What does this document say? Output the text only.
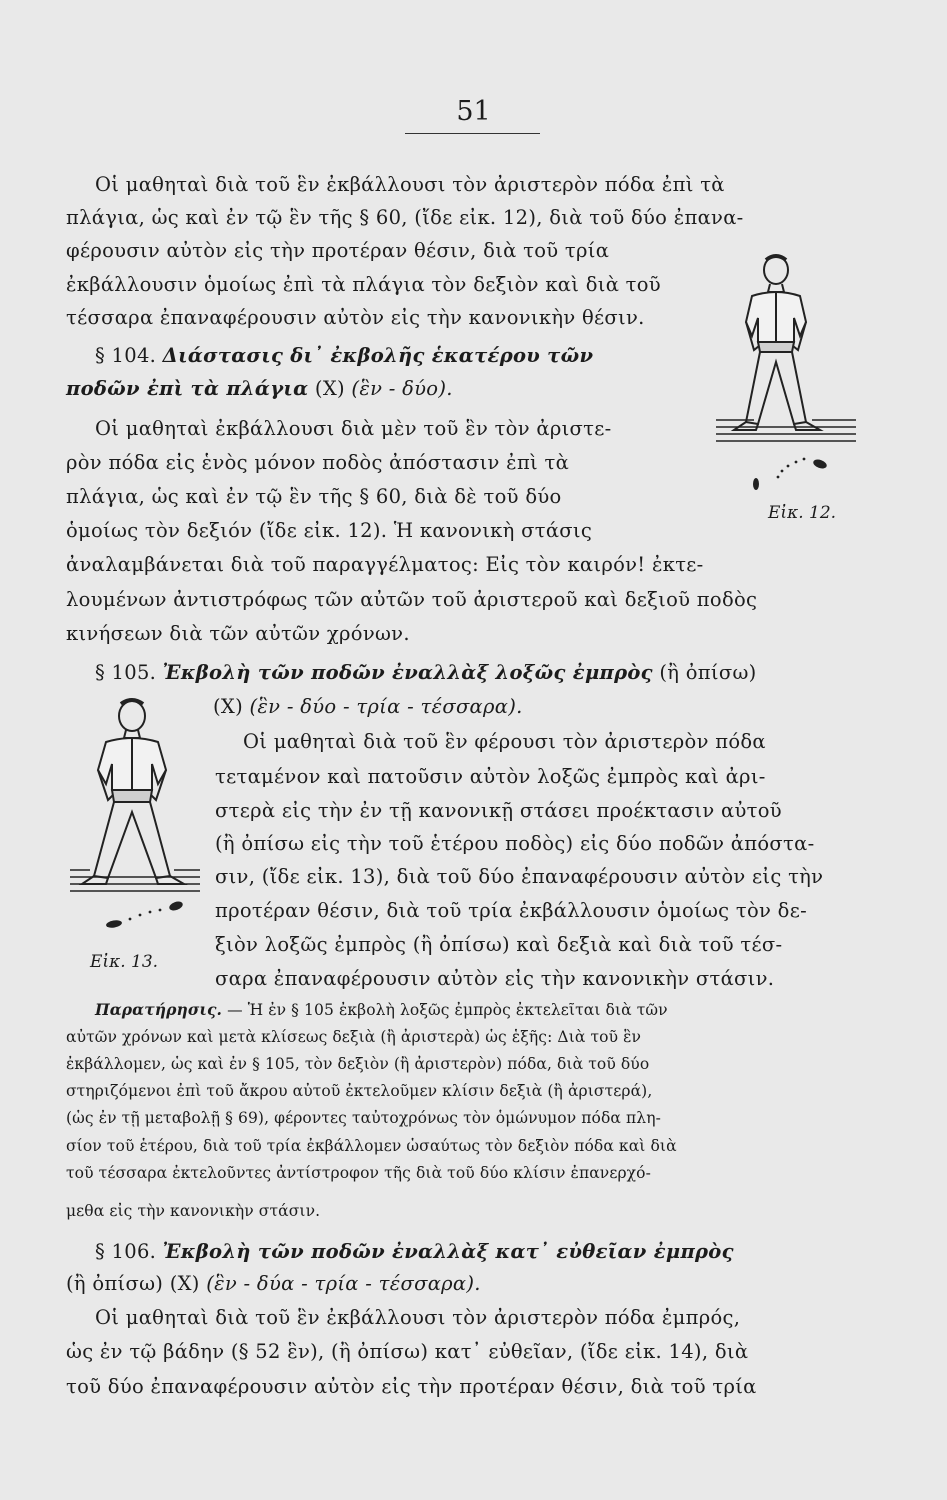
51
Οἱ μαθηταὶ διὰ τοῦ ἓν ἐκβάλλουσι τὸν ἀριστερὸν πόδα ἐπὶ τὰ
πλάγια, ὡς καὶ ἐν τῷ ἓν τῆς § 60, (ἴδε εἰκ. 12), διὰ τοῦ δύο ἐπανα-
φέρουσιν αὐτὸν εἰς τὴν προτέραν θέσιν, διὰ τοῦ τρία
ἐκβάλλουσιν ὁμοίως ἐπὶ τὰ πλάγια τὸν δεξιὸν καὶ διὰ τοῦ
τέσσαρα ἐπαναφέρουσιν αὐτὸν εἰς τὴν κανονικὴν θέσιν.
§ 104. Διάστασις δι᾽ ἐκβολῆς ἑκατέρου τῶν
ποδῶν ἐπὶ τὰ πλάγια (X) (ἓν - δύο).
Οἱ μαθηταὶ ἐκβάλλουσι διὰ μὲν τοῦ ἓν τὸν ἀριστε-
ρὸν πόδα εἰς ἑνὸς μόνον ποδὸς ἀπόστασιν ἐπὶ τὰ
πλάγια, ὡς καὶ ἐν τῷ ἓν τῆς § 60, διὰ δὲ τοῦ δύο
ὁμοίως τὸν δεξιόν (ἴδε εἰκ. 12). Ἡ κανονικὴ στάσις
ἀναλαμβάνεται διὰ τοῦ παραγγέλματος: Εἰς τὸν καιρόν! ἐκτε-
λουμένων ἀντιστρόφως τῶν αὐτῶν τοῦ ἀριστεροῦ καὶ δεξιοῦ ποδὸς
κινήσεων διὰ τῶν αὐτῶν χρόνων.
Εἰκ. 12.
§ 105. Ἐκβολὴ τῶν ποδῶν ἐναλλὰξ λοξῶς ἐμπρὸς (ἢ ὀπίσω)
(X) (ἓν - δύο - τρία - τέσσαρα).
Οἱ μαθηταὶ διὰ τοῦ ἓν φέρουσι τὸν ἀριστερὸν πόδα
τεταμένον καὶ πατοῦσιν αὐτὸν λοξῶς ἐμπρὸς καὶ ἀρι-
στερὰ εἰς τὴν ἐν τῇ κανονικῇ στάσει προέκτασιν αὐτοῦ
(ἢ ὀπίσω εἰς τὴν τοῦ ἑτέρου ποδὸς) εἰς δύο ποδῶν ἀπόστα-
σιν, (ἴδε εἰκ. 13), διὰ τοῦ δύο ἐπαναφέρουσιν αὐτὸν εἰς τὴν
προτέραν θέσιν, διὰ τοῦ τρία ἐκβάλλουσιν ὁμοίως τὸν δε-
ξιὸν λοξῶς ἐμπρὸς (ἢ ὀπίσω) καὶ δεξιὰ καὶ διὰ τοῦ τέσ-
σαρα ἐπαναφέρουσιν αὐτὸν εἰς τὴν κανονικὴν στάσιν.
Εἰκ. 13.
Παρατήρησις. — Ἡ ἐν § 105 ἐκβολὴ λοξῶς ἐμπρὸς ἐκτελεῖται διὰ τῶν
αὐτῶν χρόνων καὶ μετὰ κλίσεως δεξιὰ (ἢ ἀριστερὰ) ὡς ἑξῆς: Διὰ τοῦ ἓν
ἐκβάλλομεν, ὡς καὶ ἐν § 105, τὸν δεξιὸν (ἢ ἀριστερὸν) πόδα, διὰ τοῦ δύο
στηριζόμενοι ἐπὶ τοῦ ἄκρου αὐτοῦ ἐκτελοῦμεν κλίσιν δεξιὰ (ἢ ἀριστερά),
(ὡς ἐν τῇ μεταβολῇ § 69), φέροντες ταὐτοχρόνως τὸν ὁμώνυμον πόδα πλη-
σίον τοῦ ἑτέρου, διὰ τοῦ τρία ἐκβάλλομεν ὡσαύτως τὸν δεξιὸν πόδα καὶ διὰ
τοῦ τέσσαρα ἐκτελοῦντες ἀντίστροφον τῆς διὰ τοῦ δύο κλίσιν ἐπανερχό-
μεθα εἰς τὴν κανονικὴν στάσιν.
§ 106. Ἐκβολὴ τῶν ποδῶν ἐναλλὰξ κατ᾽ εὐθεῖαν ἐμπρὸς
(ἢ ὀπίσω) (X) (ἓν - δύα - τρία - τέσσαρα).
Οἱ μαθηταὶ διὰ τοῦ ἓν ἐκβάλλουσι τὸν ἀριστερὸν πόδα ἐμπρός,
ὡς ἐν τῷ βάδην (§ 52 ἓν), (ἢ ὀπίσω) κατ᾽ εὐθεῖαν, (ἴδε εἰκ. 14), διὰ
τοῦ δύο ἐπαναφέρουσιν αὐτὸν εἰς τὴν προτέραν θέσιν, διὰ τοῦ τρία
